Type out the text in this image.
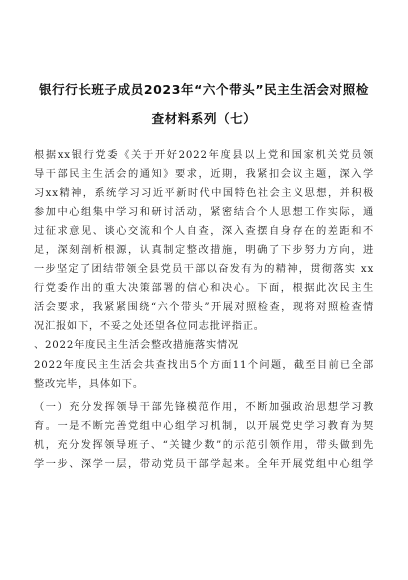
银行行长班子成员2023年“六个带头”民主生活会对照检
查材料系列（七）
根据xx银行党委《关于开好2022年度县以上党和国家机关党员领
导干部民主生活会的通知》要求，近期，我紧扣会议主题，深入学
习xx精神，系统学习习近平新时代中国特色社会主义思想，并积极
参加中心组集中学习和研讨活动，紧密结合个人思想工作实际，通
过征求意见、谈心交流和个人自查，深入查摆自身存在的差距和不
足，深刻剖析根源，认真制定整改措施，明确了下步努力方向，进
一步坚定了团结带领全县党员干部以奋发有为的精神，贯彻落实 xx
行党委作出的重大决策部署的信心和决心。下面，根据此次民主生
活会要求，我紧紧围绕“六个带头”开展对照检查，现将对照检查情
况汇报如下，不妥之处还望各位同志批评指正。
、2022年度民主生活会整改措施落实情况
2022年度民主生活会共查找出5个方面11个问题，截至目前已全部
整改完毕，具体如下。
（一）充分发挥领导干部先锋模范作用，不断加强政治思想学习教
育。一是不断完善党组中心组学习机制，以开展党史学习教育为契
机，充分发挥领导班子、“关键少数”的示范引领作用，带头做到先
学一步、深学一层，带动党员干部学起来。全年开展党组中心组学
